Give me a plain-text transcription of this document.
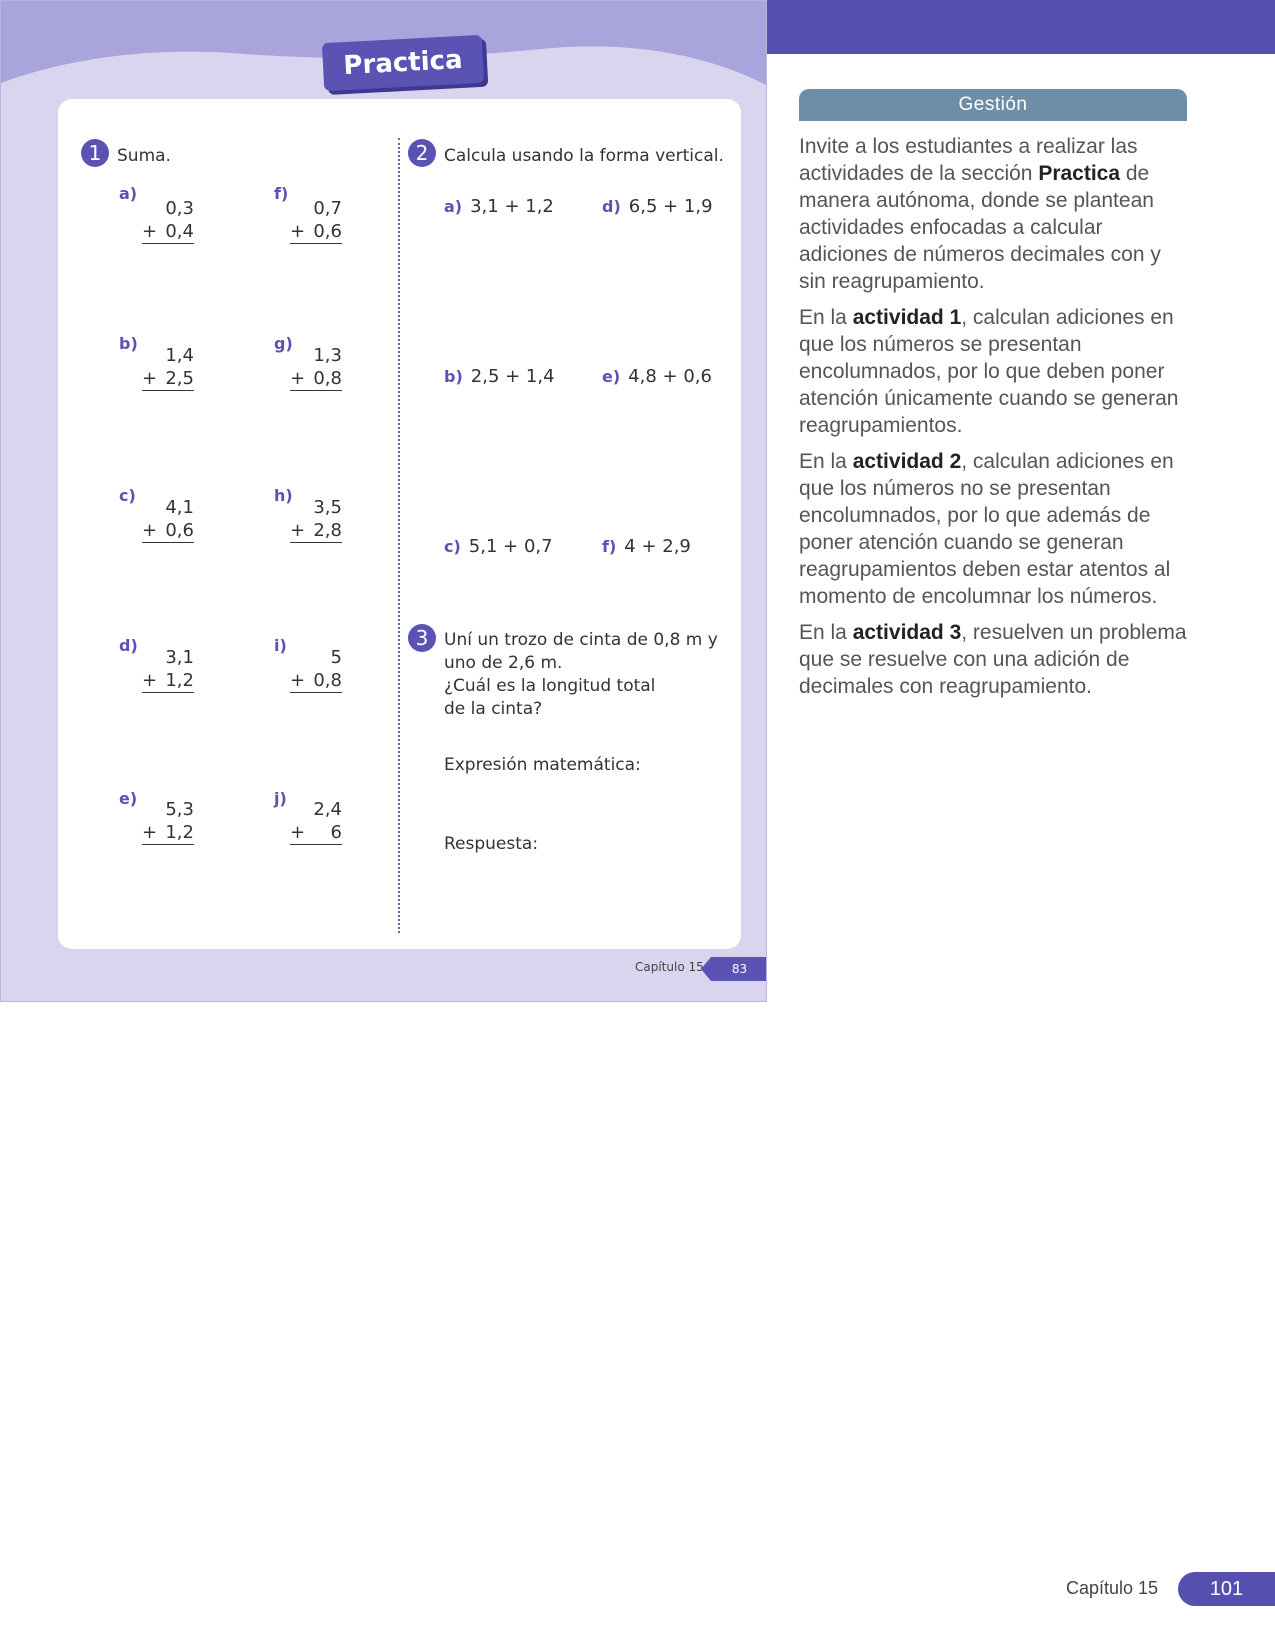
Practica
1 Suma.
a)
0,3
+ 0,4
b)
1,4
+ 2,5
c)
4,1
+ 0,6
d)
3,1
+ 1,2
e)
5,3
+ 1,2
f)
0,7
+ 0,6
g)
1,3
+ 0,8
h)
3,5
+ 2,8
i)
5
+ 0,8
j)
2,4
+ 6
2 Calcula usando la forma vertical.
a) 3,1 + 1,2	d) 6,5 + 1,9
b) 2,5 + 1,4	e) 4,8 + 0,6
c) 5,1 + 0,7	f) 4 + 2,9
3 Uní un trozo de cinta de 0,8 m y
uno de 2,6 m.
¿Cuál es la longitud total
de la cinta?
Expresión matemática:
Respuesta:
Capítulo 15	83
Gestión

Invite a los estudiantes a realizar las actividades de la sección Practica de manera autónoma, donde se plantean actividades enfocadas a calcular adiciones de números decimales con y sin reagrupamiento.

En la actividad 1, calculan adiciones en que los números se presentan encolumnados, por lo que deben poner atención únicamente cuando se generan reagrupamientos.

En la actividad 2, calculan adiciones en que los números no se presentan encolumnados, por lo que además de poner atención cuando se generan reagrupamientos deben estar atentos al momento de encolumnar los números.

En la actividad 3, resuelven un problema que se resuelve con una adición de decimales con reagrupamiento.

Capítulo 15	101
